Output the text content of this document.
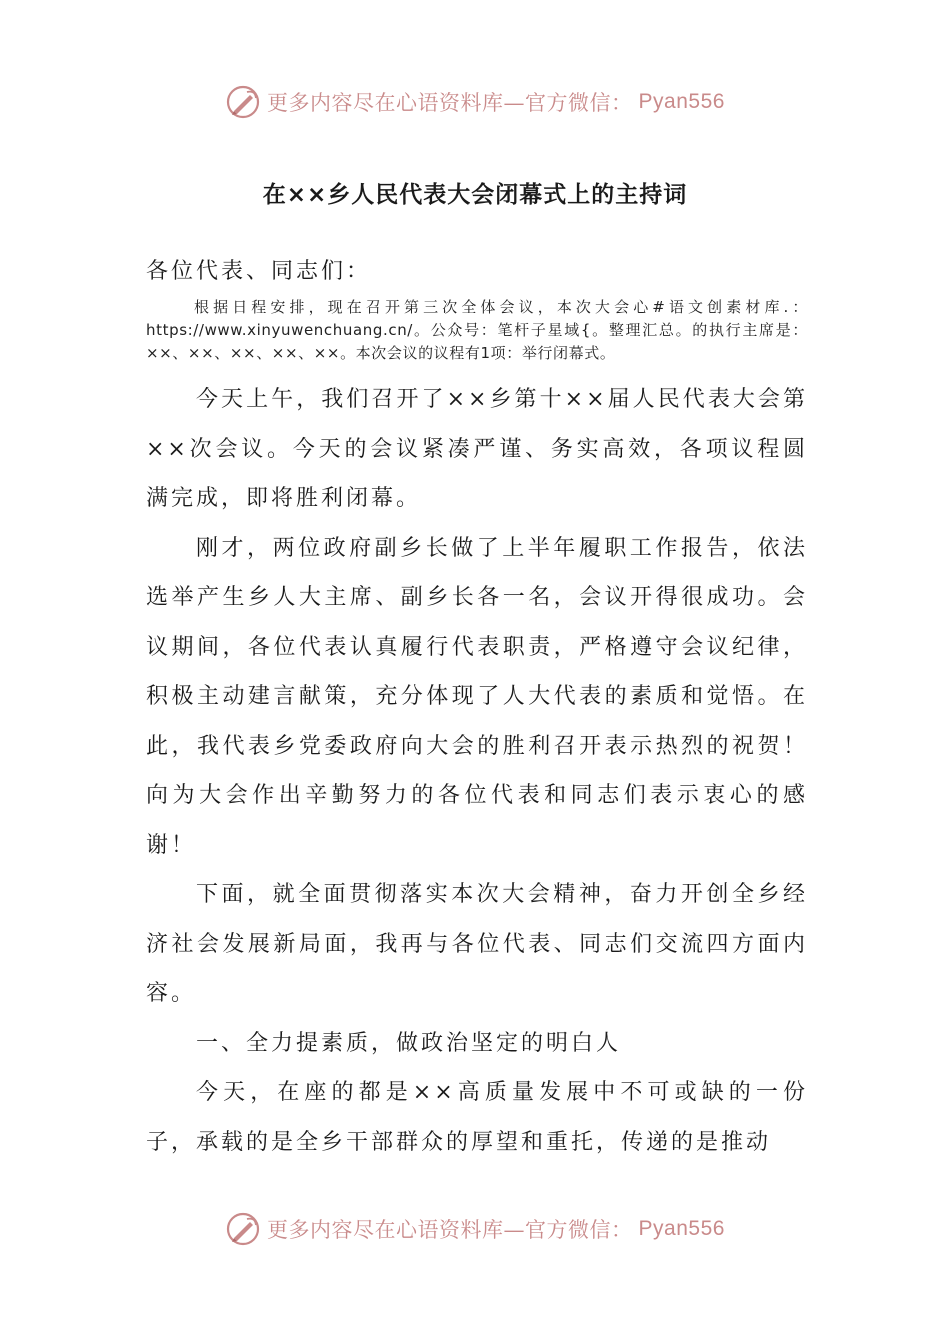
更多内容尽在心语资料库—官方微信： Pyan556
在××乡人民代表大会闭幕式上的主持词

各位代表、同志们：

根据日程安排，现在召开第三次全体会议，本次大会心#语文创素材库.：https://www.xinyuwenchuang.cn/。公众号：笔杆子星域{。整理汇总。的执行主席是：××、××、××、××、××。本次会议的议程有1项：举行闭幕式。

今天上午，我们召开了××乡第十××届人民代表大会第××次会议。今天的会议紧凑严谨、务实高效，各项议程圆满完成，即将胜利闭幕。

刚才，两位政府副乡长做了上半年履职工作报告，依法选举产生乡人大主席、副乡长各一名，会议开得很成功。会议期间，各位代表认真履行代表职责，严格遵守会议纪律，积极主动建言献策，充分体现了人大代表的素质和觉悟。在此，我代表乡党委政府向大会的胜利召开表示热烈的祝贺！向为大会作出辛勤努力的各位代表和同志们表示衷心的感谢！

下面，就全面贯彻落实本次大会精神，奋力开创全乡经济社会发展新局面，我再与各位代表、同志们交流四方面内容。

一、全力提素质，做政治坚定的明白人

今天，在座的都是××高质量发展中不可或缺的一份子，承载的是全乡干部群众的厚望和重托，传递的是推动

更多内容尽在心语资料库—官方微信： Pyan556
